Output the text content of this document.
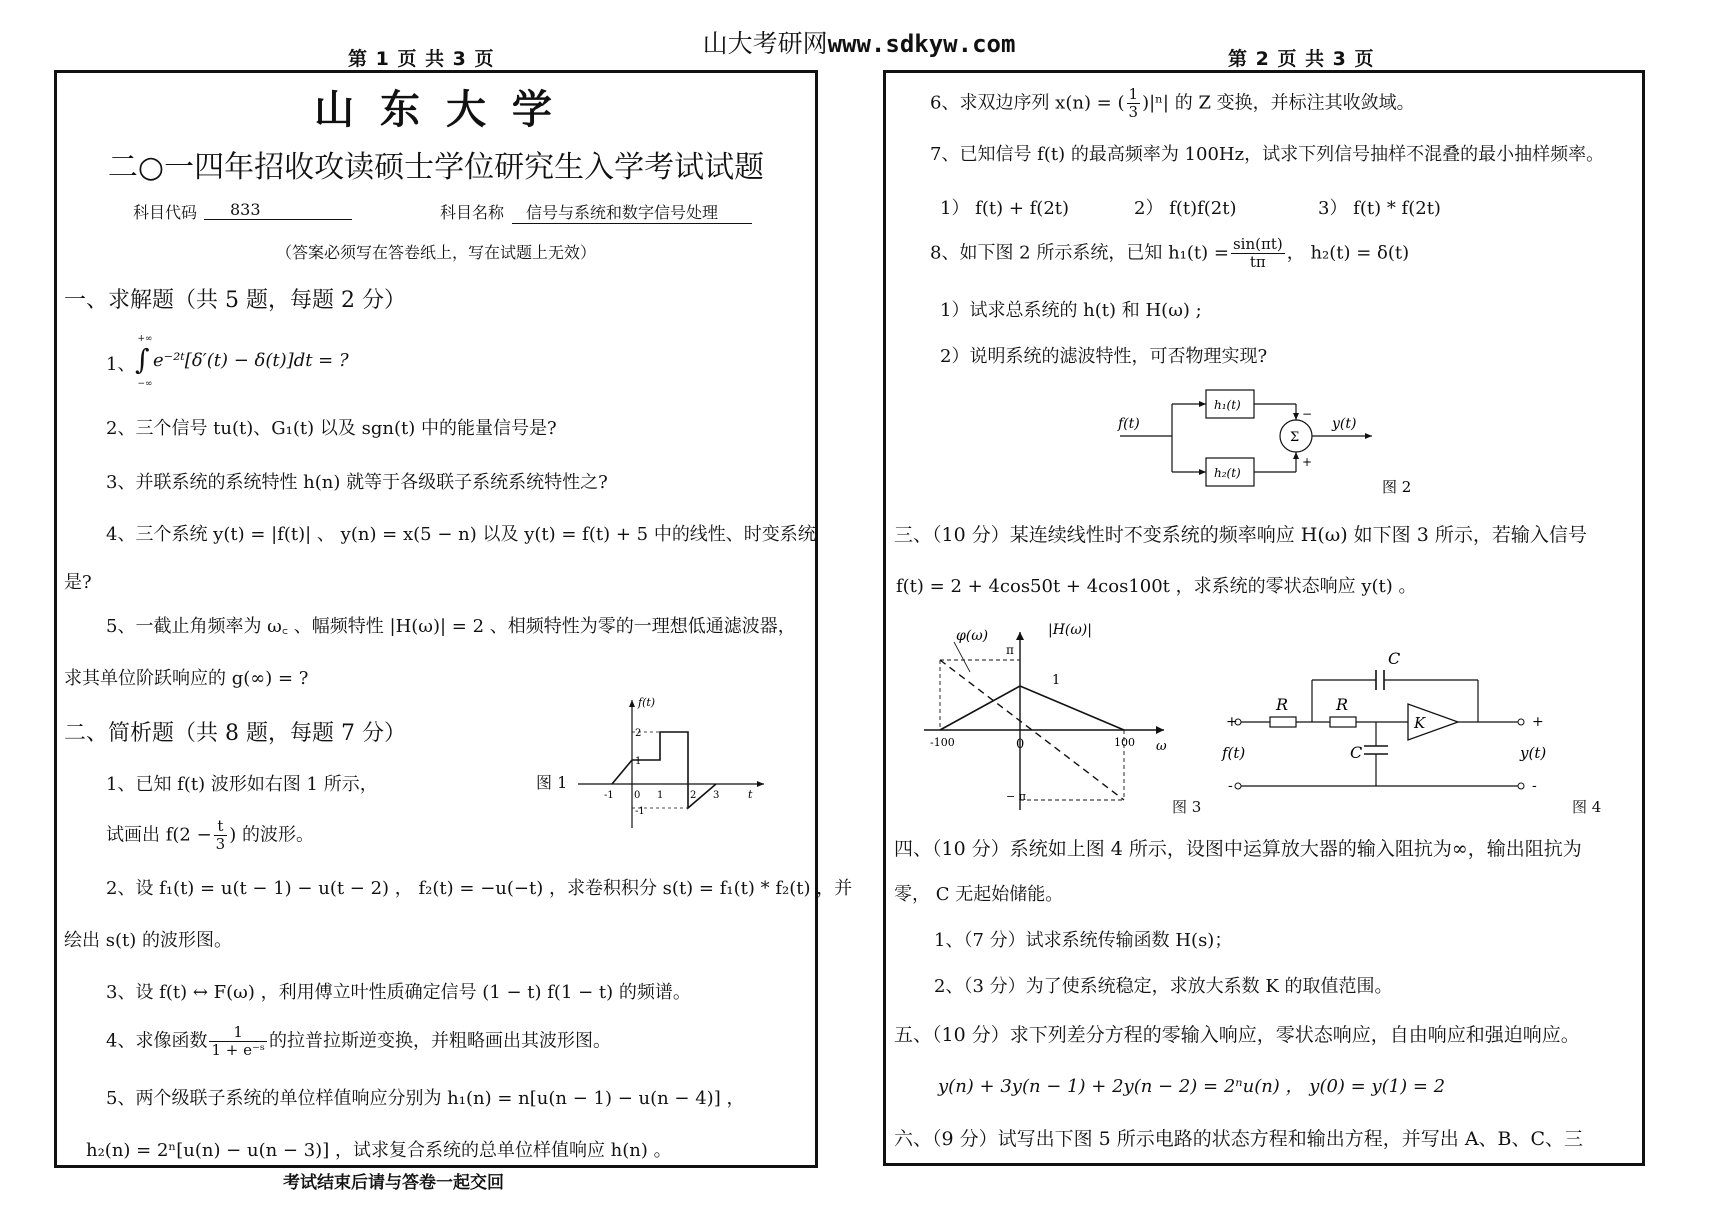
山大考研网www.sdkyw.com
第 1 页 共 3 页	第 2 页 共 3 页
山 东 大 学
二○一四年招收攻读硕士学位研究生入学考试试题
科目代码	833	科目名称	信号与系统和数字信号处理
（答案必须写在答卷纸上，写在试题上无效）
一、求解题（共 5 题，每题 2 分）
1、
+∞
∫
−∞
e⁻²ᵗ[δ′(t) − δ(t)]dt = ?
2、三个信号 tu(t)、G₁(t) 以及 sgn(t) 中的能量信号是?
3、并联系统的系统特性 h(n) 就等于各级联子系统系统特性之?
4、三个系统 y(t) = |f(t)| 、 y(n) = x(5 − n) 以及 y(t) = f(t) + 5 中的线性、时变系统
是?
5、一截止角频率为 ω꜀ 、幅频特性 |H(ω)| = 2 、相频特性为零的一理想低通滤波器，
求其单位阶跃响应的 g(∞) = ?
二、简析题（共 8 题，每题 7 分）
1、已知 f(t) 波形如右图 1 所示，
试画出 $f(2 - \frac{t}{3}$ ) 的波形。
图 1
f(t)
t
-1 0 1	2 3
2
1
-1
2、设 f₁(t) = u(t − 1) − u(t − 2) ， f₂(t) = −u(−t) ，求卷积积分 s(t) = f₁(t) * f₂(t) ，并
绘出 s(t) 的波形图。
3、设 f(t) ↔ F(ω) ，利用傅立叶性质确定信号 (1 − t) f(1 − t) 的频谱。
4、求像函数 $\frac{1}{\text{1 + e⁻ˢ}}$ 的拉普拉斯逆变换，并粗略画出其波形图。
5、两个级联子系统的单位样值响应分别为 h₁(n) = n[u(n − 1) − u(n − 4)] ，
h₂(n) = 2ⁿ[u(n) − u(n − 3)] ，试求复合系统的总单位样值响应 h(n) 。
考试结束后请与答卷一起交回
6、求双边序列 x(n) = ( $\frac{1}{3} )|^n|$ 的 Z 变换，并标注其收敛域。
7、已知信号 f(t) 的最高频率为 100Hz，试求下列信号抽样不混叠的最小抽样频率。
1） f(t) + f(2t)	2） f(t)f(2t)	3） f(t) * f(2t)
8、如下图 2 所示系统，已知 $h_1(t) = \frac{\sin(\pi t)}{t\pi}$ ， h₂(t) = δ(t)
1）试求总系统的 h(t) 和 H(ω) ;
2）说明系统的滤波特性，可否物理实现?
f(t)	y(t)
h₁(t)
h₂(t)
Σ
−
+
图 2
三、（10 分）某连续线性时不变系统的频率响应 H(ω) 如下图 3 所示，若输入信号
f(t) = 2 + 4cos50t + 4cos100t ，求系统的零状态响应 y(t) 。
φ(ω)	|H(ω)|
π
1
-100	0	100 ω
− π
图 3
C
R	R
C
K
+	+
-	-
f(t)	y(t)
图 4
四、（10 分）系统如上图 4 所示，设图中运算放大器的输入阻抗为∞，输出阻抗为
零， C 无起始储能。
1、（7 分）试求系统传输函数 H(s)；
2、（3 分）为了使系统稳定，求放大系数 K 的取值范围。
五、（10 分）求下列差分方程的零输入响应，零状态响应，自由响应和强迫响应。
y(n) + 3y(n − 1) + 2y(n − 2) = 2ⁿu(n) ， y(0) = y(1) = 2
六、（9 分）试写出下图 5 所示电路的状态方程和输出方程，并写出 A、B、C、三
